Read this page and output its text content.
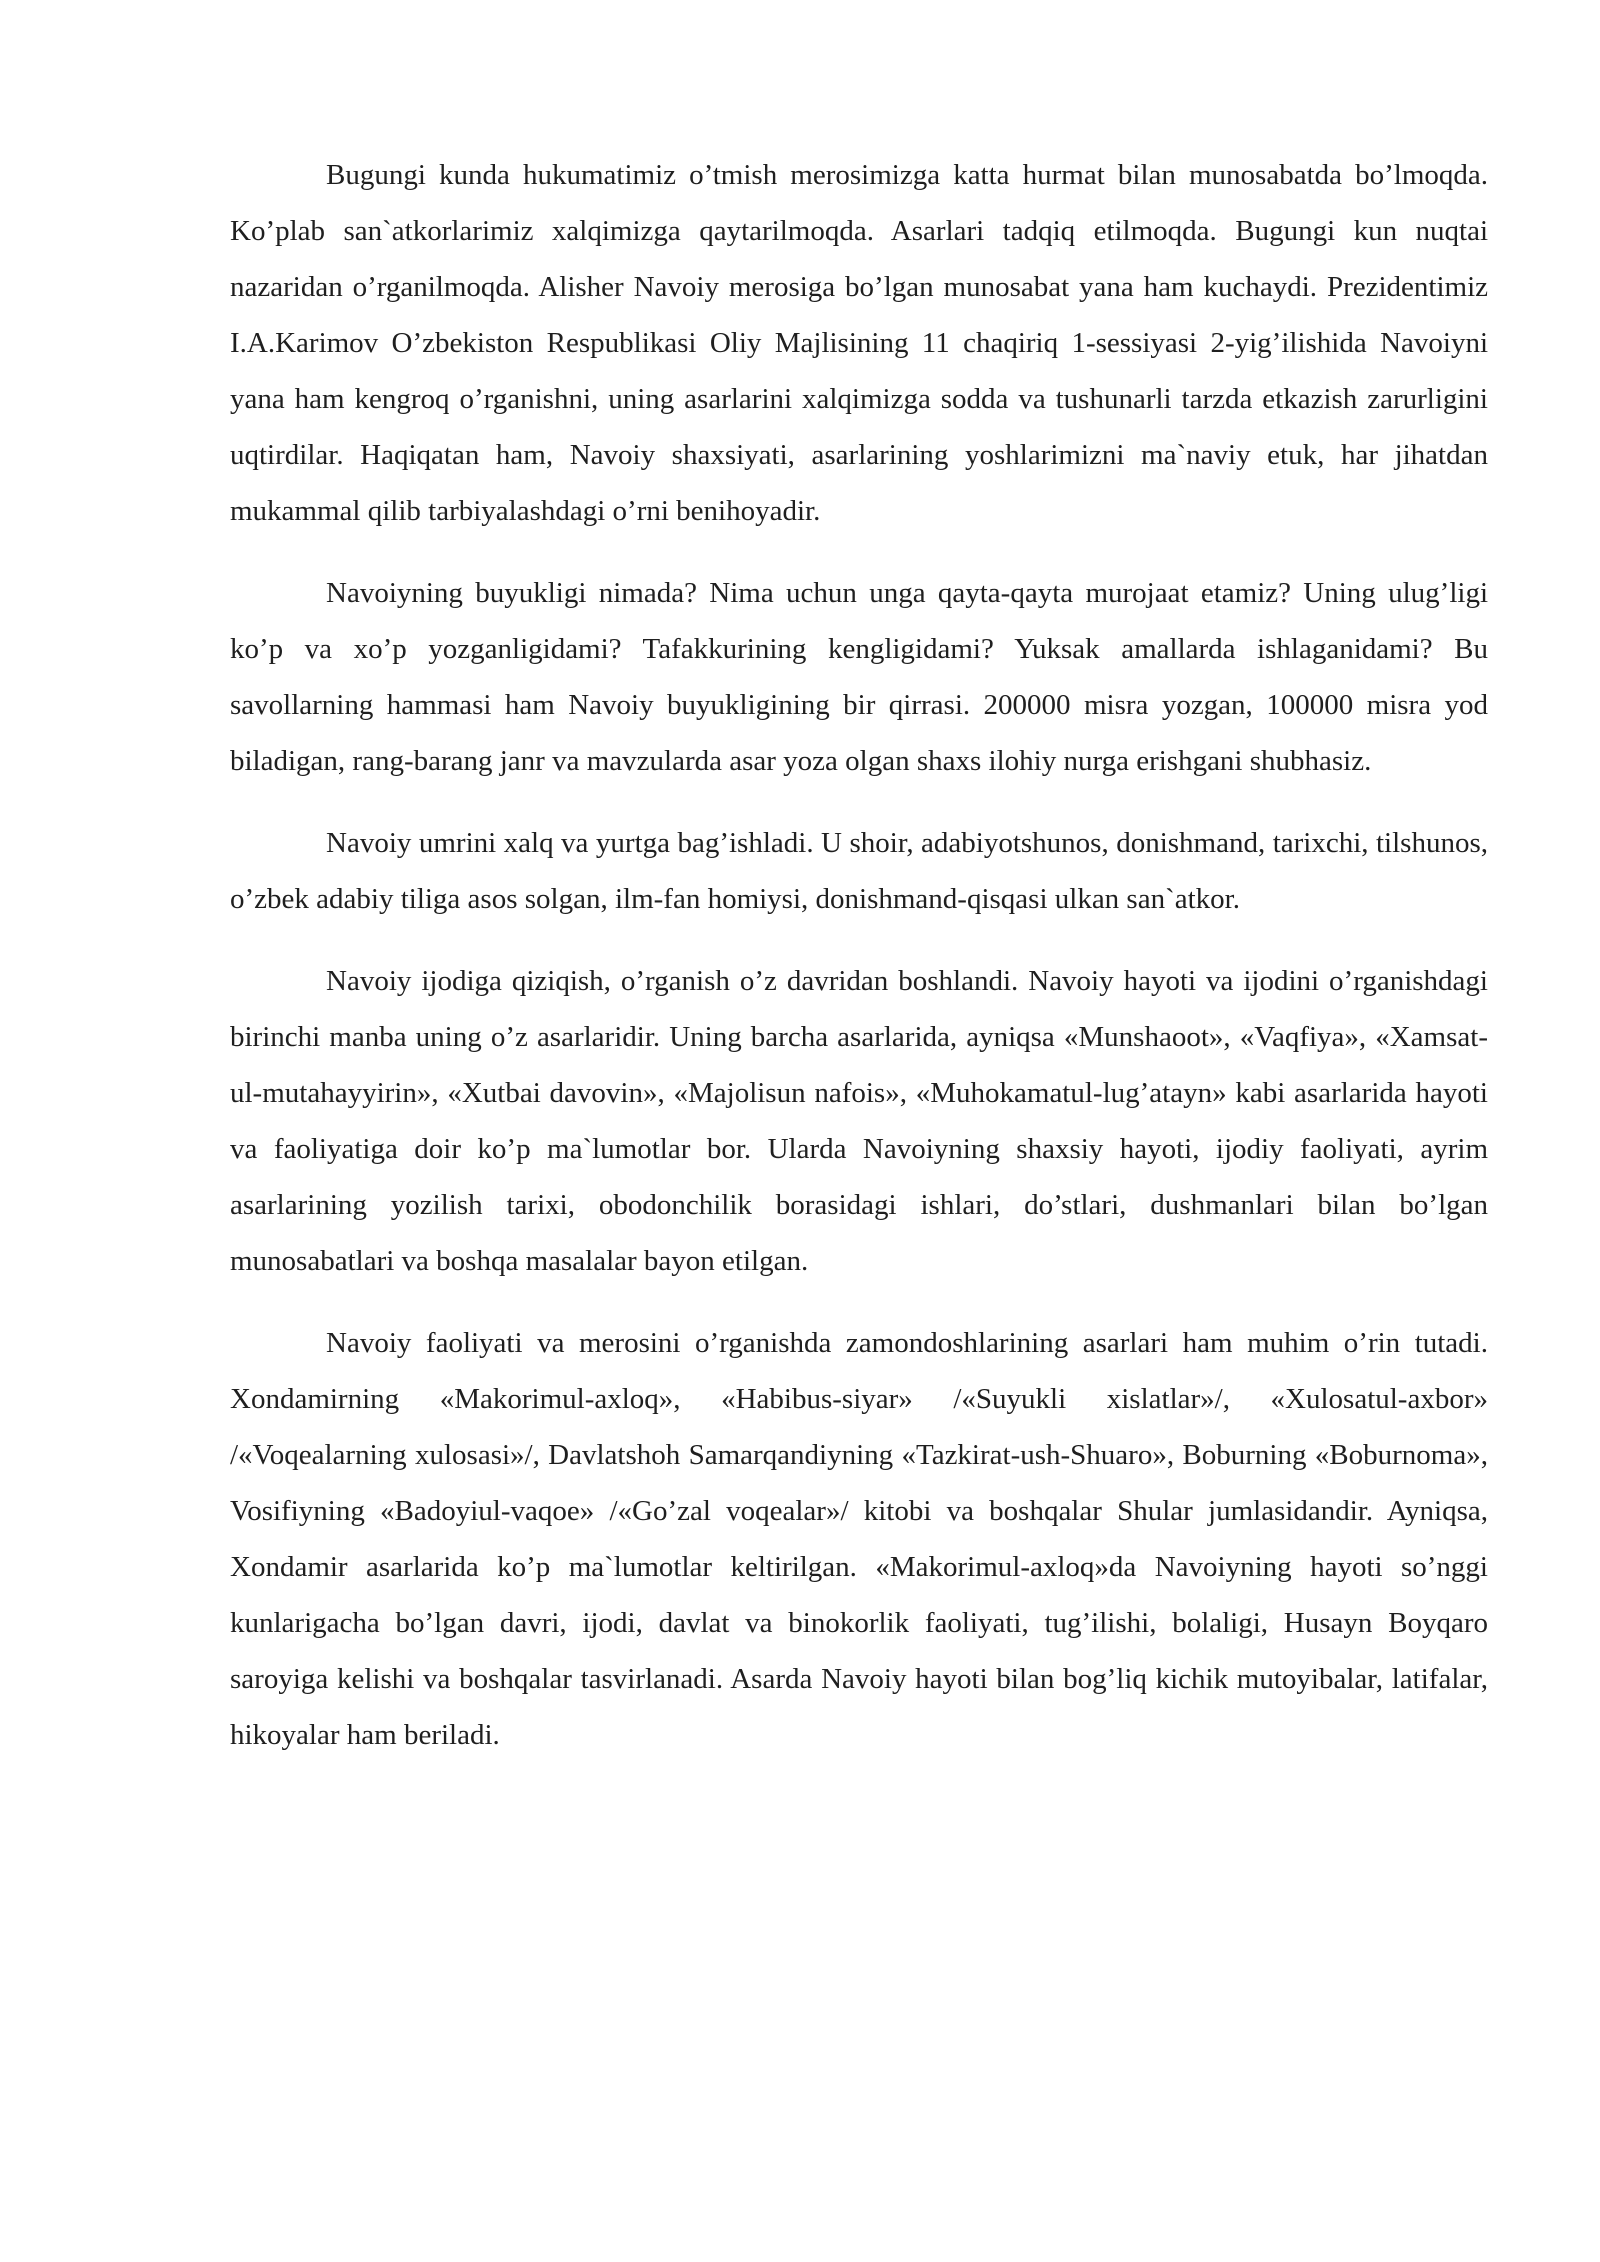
Bugungi kunda hukumatimiz o’tmish merosimizga katta hurmat bilan munosabatda bo’lmoqda. Ko’plab san`atkorlarimiz xalqimizga qaytarilmoqda. Asarlari tadqiq etilmoqda. Bugungi kun nuqtai nazaridan o’rganilmoqda. Alisher Navoiy merosiga bo’lgan munosabat yana ham kuchaydi. Prezidentimiz I.A.Karimov O’zbekiston Respublikasi Oliy Majlisining 11 chaqiriq 1-sessiyasi 2-yig’ilishida Navoiyni yana ham kengroq o’rganishni, uning asarlarini xalqimizga sodda va tushunarli tarzda etkazish zarurligini uqtirdilar. Haqiqatan ham, Navoiy shaxsiyati, asarlarining yoshlarimizni ma`naviy etuk, har jihatdan mukammal qilib tarbiyalashdagi o’rni benihoyadir.

Navoiyning buyukligi nimada? Nima uchun unga qayta-qayta murojaat etamiz? Uning ulug’ligi ko’p va xo’p yozganligidami? Tafakkurining kengligidami? Yuksak amallarda ishlaganidami? Bu savollarning hammasi ham Navoiy buyukligining bir qirrasi. 200000 misra yozgan, 100000 misra yod biladigan, rang-barang janr va mavzularda asar yoza olgan shaxs ilohiy nurga erishgani shubhasiz.

Navoiy umrini xalq va yurtga bag’ishladi. U shoir, adabiyotshunos, donishmand, tarixchi, tilshunos, o’zbek adabiy tiliga asos solgan, ilm-fan homiysi, donishmand-qisqasi ulkan san`atkor.

Navoiy ijodiga qiziqish, o’rganish o’z davridan boshlandi. Navoiy hayoti va ijodini o’rganishdagi birinchi manba uning o’z asarlaridir. Uning barcha asarlarida, ayniqsa «Munshaoot», «Vaqfiya», «Xamsat-ul-mutahayyirin», «Xutbai davovin», «Majolisun nafois», «Muhokamatul-lug’atayn» kabi asarlarida hayoti va faoliyatiga doir ko’p ma`lumotlar bor. Ularda Navoiyning shaxsiy hayoti, ijodiy faoliyati, ayrim asarlarining yozilish tarixi, obodonchilik borasidagi ishlari, do’stlari, dushmanlari bilan bo’lgan munosabatlari va boshqa masalalar bayon etilgan.

Navoiy faoliyati va merosini o’rganishda zamondoshlarining asarlari ham muhim o’rin tutadi. Xondamirning «Makorimul-axloq», «Habibus-siyar» /«Suyukli xislatlar»/, «Xulosatul-axbor» /«Voqealarning xulosasi»/, Davlatshoh Samarqandiyning «Tazkirat-ush-Shuaro», Boburning «Boburnoma», Vosifiyning «Badoyiul-vaqoe» /«Go’zal voqealar»/ kitobi va boshqalar Shular jumlasidandir. Ayniqsa, Xondamir asarlarida ko’p ma`lumotlar keltirilgan. «Makorimul-axloq»da Navoiyning hayoti so’nggi kunlarigacha bo’lgan davri, ijodi, davlat va binokorlik faoliyati, tug’ilishi, bolaligi, Husayn Boyqaro saroyiga kelishi va boshqalar tasvirlanadi. Asarda Navoiy hayoti bilan bog’liq kichik mutoyibalar, latifalar, hikoyalar ham beriladi.
